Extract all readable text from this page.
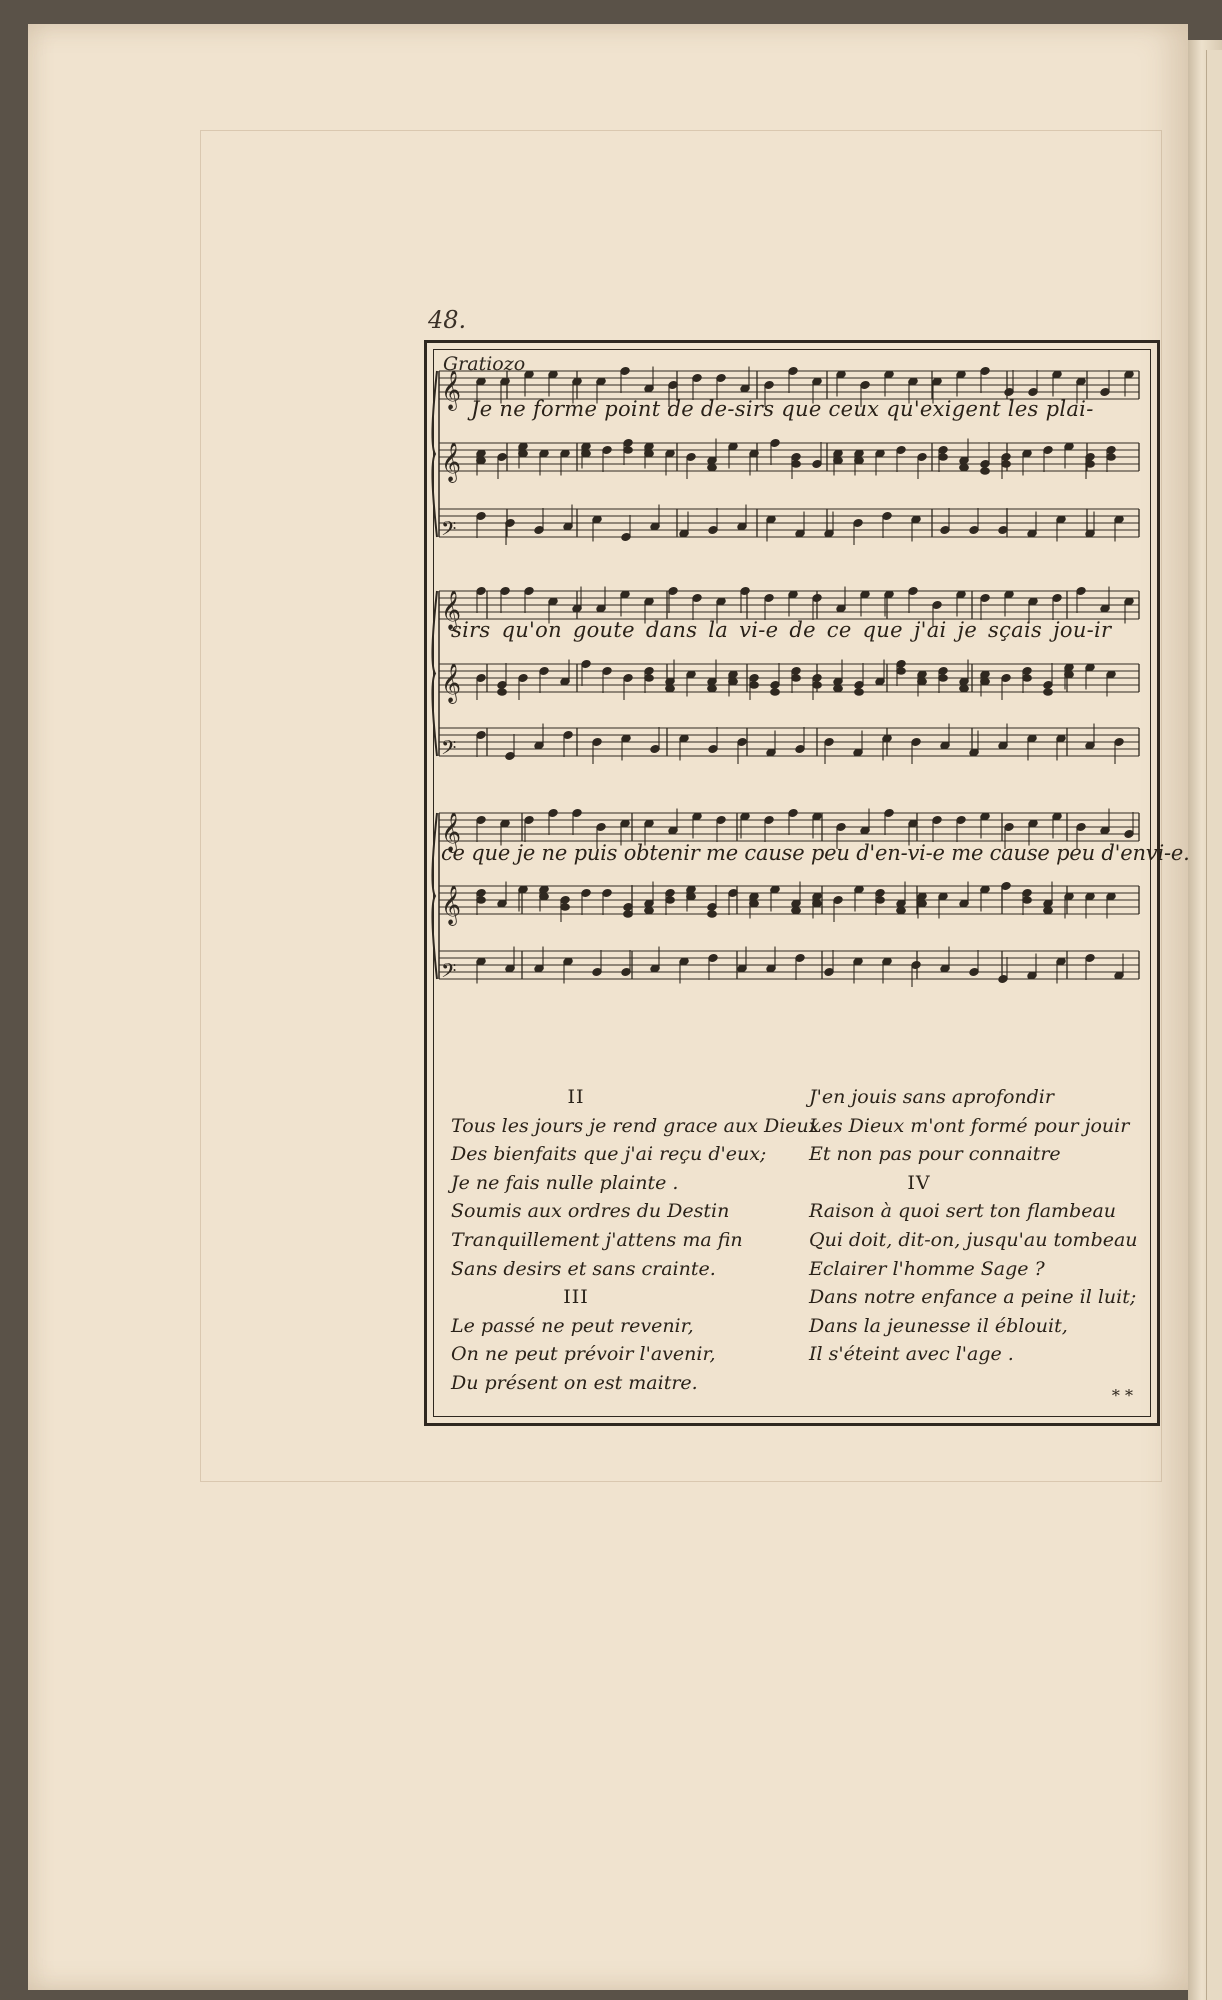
48.
Gratiozo
𝄞
𝄞
𝄢
𝄞
𝄞
𝄢
𝄞
𝄞
𝄢
Je ne forme point de de-sirs que ceux qu'exigent les plai-
sirs qu'on goute dans la vi-e de ce que j'ai je sçais jou-ir
ce que je ne puis obtenir me cause peu d'en-vi-e me cause peu d'envi-e.
II
Tous les jours je rend grace aux Dieux
Des bienfaits que j'ai reçu d'eux;
Je ne fais nulle plainte .
Soumis aux ordres du Destin
Tranquillement j'attens ma fin
Sans desirs et sans crainte.
III
Le passé ne peut revenir,
On ne peut prévoir l'avenir,
Du présent on est maitre.
J'en jouis sans aprofondir
Les Dieux m'ont formé pour jouir
Et non pas pour connaitre
IV
Raison à quoi sert ton flambeau
Qui doit, dit-on, jusqu'au tombeau
Eclairer l'homme Sage ?
Dans notre enfance a peine il luit;
Dans la jeunesse il éblouit,
Il s'éteint avec l'age .
* *
